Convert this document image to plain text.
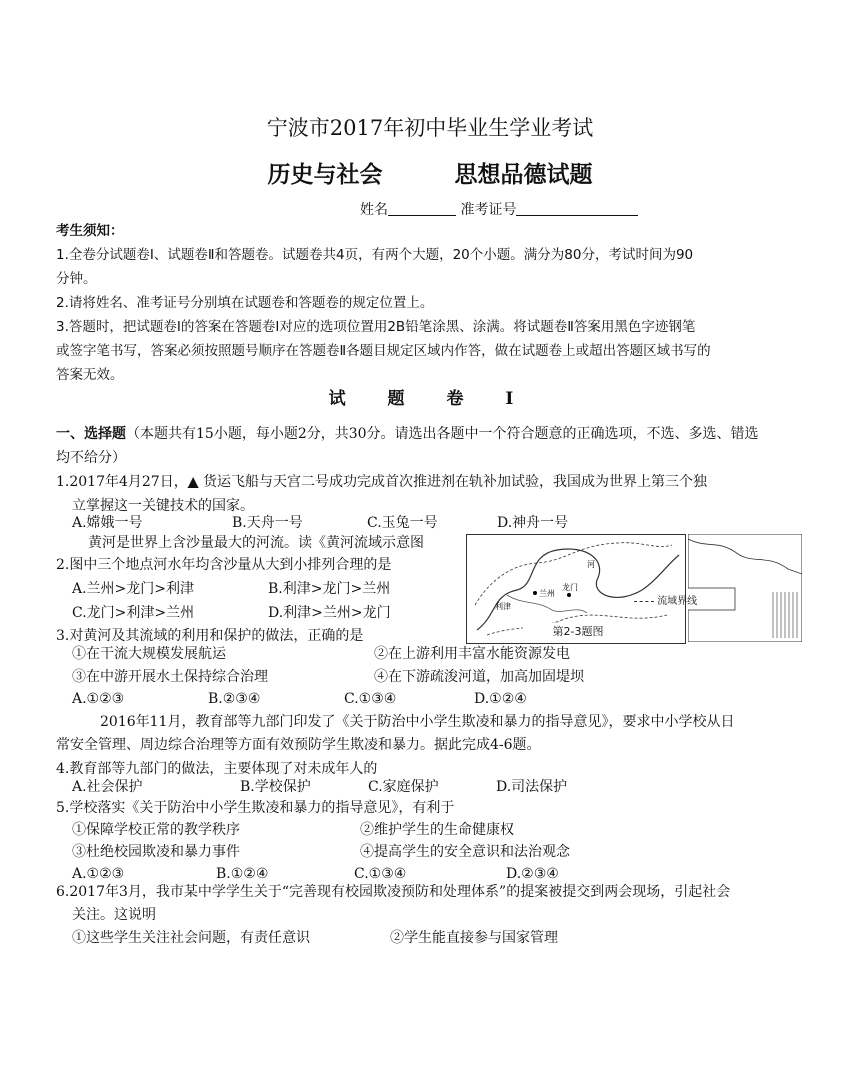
宁波市2017年初中毕业生学业考试
历史与社会	思想品德试题
姓名	准考证号
考生须知：
1.全卷分试题卷Ⅰ、试题卷Ⅱ和答题卷。试题卷共4页，有两个大题，20个小题。满分为80分，考试时间为90
分钟。
2.请将姓名、准考证号分别填在试题卷和答题卷的规定位置上。
3.答题时，把试题卷Ⅰ的答案在答题卷Ⅰ对应的选项位置用2B铅笔涂黑、涂满。将试题卷Ⅱ答案用黑色字迹钢笔
或签字笔书写，答案必须按照题号顺序在答题卷Ⅱ各题目规定区域内作答，做在试题卷上或超出答题区域书写的
答案无效。
试 题 卷 Ⅰ
一、选择题（本题共有15小题，每小题2分，共30分。请选出各题中一个符合题意的正确选项，不选、多选、错选
均不给分）
1.2017年4月27日，▲ 货运飞船与天宫二号成功完成首次推进剂在轨补加试验，我国成为世界上第三个独
立掌握这一关键技术的国家。
A.嫦娥一号	B.天舟一号	C.玉兔一号	D.神舟一号
黄河是世界上含沙量最大的河流。读《黄河流域示意图
兰州
龙门
河
利津
第2-3题图
流域界线
2.图中三个地点河水年均含沙量从大到小排列合理的是
A.兰州>龙门>利津	B.利津>龙门>兰州
C.龙门>利津>兰州	D.利津>兰州>龙门
3.对黄河及其流域的利用和保护的做法，正确的是
①在干流大规模发展航运	②在上游利用丰富水能资源发电
③在中游开展水土保持综合治理	④在下游疏浚河道，加高加固堤坝
A.①②③	B.②③④	C.①③④	D.①②④
2016年11月，教育部等九部门印发了《关于防治中小学生欺凌和暴力的指导意见》，要求中小学校从日
常安全管理、周边综合治理等方面有效预防学生欺凌和暴力。据此完成4-6题。
4.教育部等九部门的做法，主要体现了对未成年人的
A.社会保护	B.学校保护	C.家庭保护	D.司法保护
5.学校落实《关于防治中小学生欺凌和暴力的指导意见》，有利于
①保障学校正常的教学秩序	②维护学生的生命健康权
③杜绝校园欺凌和暴力事件	④提高学生的安全意识和法治观念
A.①②③	B.①②④	C.①③④	D.②③④
6.2017年3月，我市某中学学生关于“完善现有校园欺凌预防和处理体系”的提案被提交到两会现场，引起社会
关注。这说明
①这些学生关注社会问题，有责任意识	②学生能直接参与国家管理
